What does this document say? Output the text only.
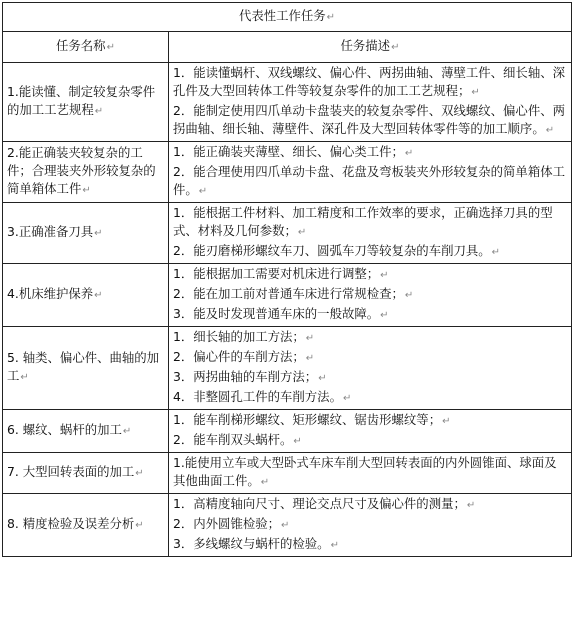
代表性工作任务↵	
任务名称↵	任务描述↵
1.能读懂、制定较复杂零件的加工工艺规程↵	1．能读懂蜗杆、双线螺纹、偏心件、两拐曲轴、薄壁工件、细长轴、深孔件及大型回转体工件等较复杂零件的加工工艺规程；↵
2．能制定使用四爪单动卡盘装夹的较复杂零件、双线螺纹、偏心件、两拐曲轴、细长轴、薄壁件、深孔件及大型回转体零件等的加工顺序。↵

2.能正确装夹较复杂的工件；合理装夹外形较复杂的简单箱体工件↵	1．能正确装夹薄壁、细长、偏心类工件；↵
2．能合理使用四爪单动卡盘、花盘及弯板装夹外形较复杂的简单箱体工件。↵

3.正确准备刀具↵	1．能根据工件材料、加工精度和工作效率的要求，正确选择刀具的型式、材料及几何参数；↵
2．能刃磨梯形螺纹车刀、圆弧车刀等较复杂的车削刀具。↵

4.机床维护保养↵	1．能根据加工需要对机床进行调整；↵
2．能在加工前对普通车床进行常规检查；↵
3．能及时发现普通车床的一般故障。↵

5. 轴类、偏心件、曲轴的加工↵	1．细长轴的加工方法；↵
2．偏心件的车削方法；↵
3．两拐曲轴的车削方法；↵
4．非整圆孔工件的车削方法。↵

6. 螺纹、蜗杆的加工↵	1．能车削梯形螺纹、矩形螺纹、锯齿形螺纹等；↵
2．能车削双头蜗杆。↵

7. 大型回转表面的加工↵	1.能使用立车或大型卧式车床车削大型回转表面的内外圆锥面、球面及其他曲面工件。↵

8. 精度检验及误差分析↵	1．高精度轴向尺寸、理论交点尺寸及偏心件的测量；↵
2．内外圆锥检验；↵
3．多线螺纹与蜗杆的检验。↵
